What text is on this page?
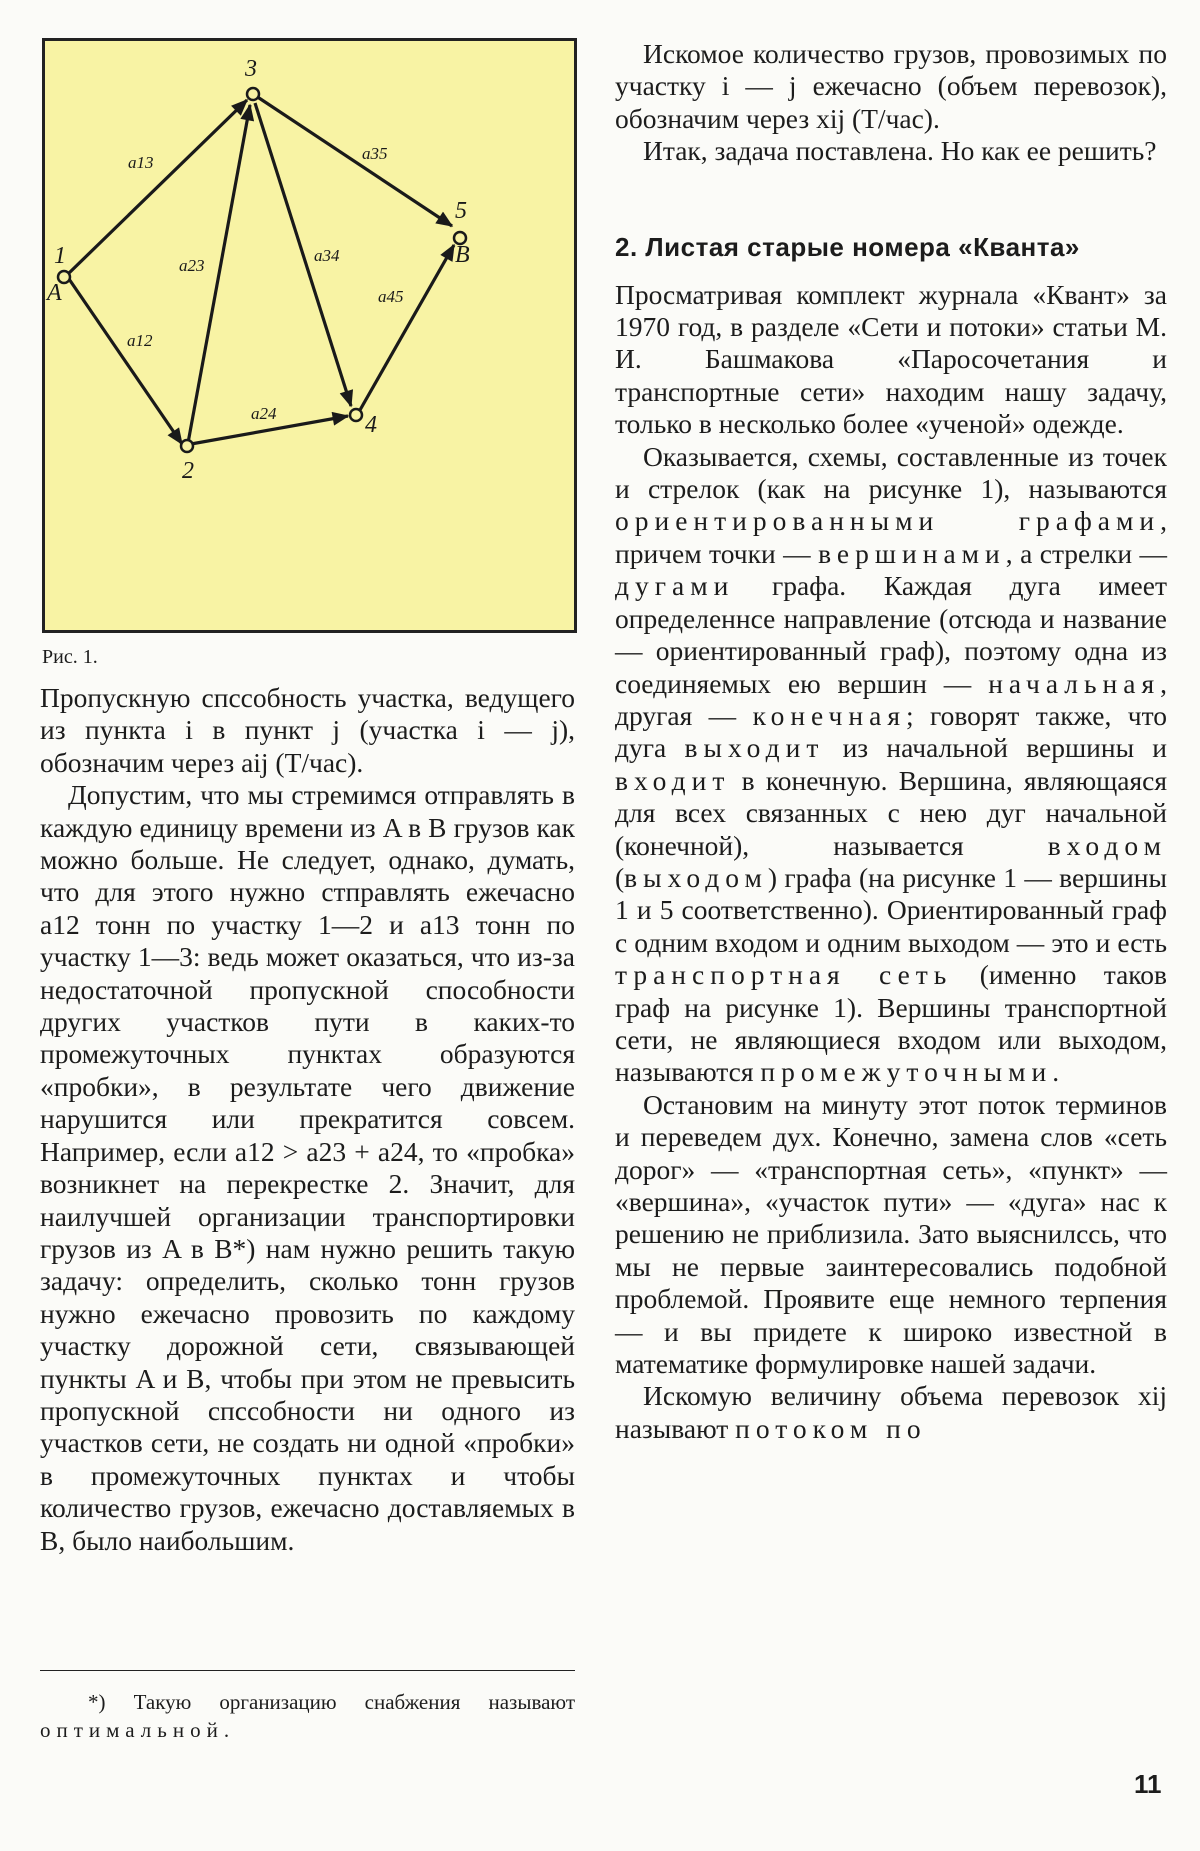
1
A
2
3
4
5
B
a13
a12
a23
a34
a35
a24
a45

Рис. 1.

Пропускную спссобность участка, ведущего из пункта i в пункт j (участка i — j), обозначим через aij (T/час).

Допустим, что мы стремимся отправлять в каждую единицу времени из A в B грузов как можно больше. Не следует, однако, думать, что для этого нужно стправлять ежечасно a12 тонн по участку 1—2 и a13 тонн по участку 1—3: ведь может оказаться, что из-за недостаточной пропускной способности других участков пути в каких-то промежуточных пунктах образуются «пробки», в результате чего движение нарушится или прекратится совсем. Например, если a12 > a23 + a24, то «пробка» возникнет на перекрестке 2. Значит, для наилучшей организации транспортировки грузов из A в B*) нам нужно решить такую задачу: определить, сколько тонн грузов нужно ежечасно провозить по каждому участку дорожной сети, связывающей пункты A и B, чтобы при этом не превысить пропускной спссобности ни одного из участков сети, не создать ни одной «пробки» в промежуточных пунктах и чтобы количество грузов, ежечасно доставляемых в B, было наибольшим.

*) Такую организацию снабжения называют оптимальной.

Искомое количество грузов, провозимых по участку i — j ежечасно (объем перевозок), обозначим через xij (T/час).

Итак, задача поставлена. Но как ее решить?

2. Листая старые номера «Кванта»

Просматривая комплект журнала «Квант» за 1970 год, в разделе «Сети и потоки» статьи М. И. Башмакова «Паросочетания и транспортные сети» находим нашу задачу, только в несколько более «ученой» одежде.

Оказывается, схемы, составленные из точек и стрелок (как на рисунке 1), называются ориентированными графами, причем точки — вершинами, а стрелки — дугами графа. Каждая дуга имеет определеннсе направление (отсюда и название — ориентированный граф), поэтому одна из соединяемых ею вершин — начальная, другая — конечная; говорят также, что дуга выходит из начальной вершины и входит в конечную. Вершина, являющаяся для всех связанных с нею дуг начальной (конечной), называется	входом (выходом) графа (на рисунке 1 — вершины 1 и 5 соответственно). Ориентированный граф с одним входом и одним выходом — это и есть транспортная сеть (именно таков граф на рисунке 1). Вершины транспортной сети, не являющиеся входом или выходом, называются промежуточными.

Остановим на минуту этот поток терминов и переведем дух. Конечно, замена слов «сеть дорог» — «транспортная сеть», «пункт» — «вершина», «участок пути» — «дуга» нас к решению не приблизила. Зато выяснилссь, что мы не первые заинтересовались подобной проблемой. Проявите еще немного терпения — и вы придете к широко известной в математике формулировке нашей задачи.

Искомую величину объема перевозок xij называют потоком по

11
